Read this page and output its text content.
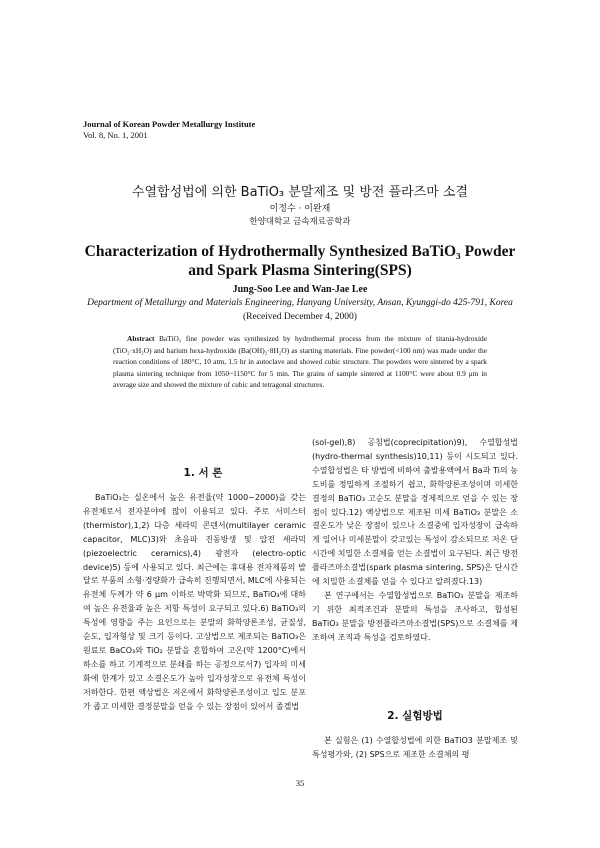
Journal of Korean Powder Metallurgy Institute
Vol. 8, No. 1, 2001
수열합성법에 의한 BaTiO₃ 분말제조 및 방전 플라즈마 소결
이정수 · 이완재
한양대학교 금속재료공학과
Characterization of Hydrothermally Synthesized BaTiO₃ Powder
and Spark Plasma Sintering(SPS)
Jung-Soo Lee and Wan-Jae Lee
Department of Metallurgy and Materials Engineering, Hanyang University, Ansan, Kyunggi-do 425-791, Korea
(Received December 4, 2000)
Abstract BaTiO₃ fine powder was synthesized by hydrothermal process from the mixture of titania-hydroxide (TiO₂·xH₂O) and barium hexa-hydroxide (Ba(OH)₂·8H₂O) as starting materials. Fine powder(<100 nm) was made under the reaction conditions of 180°C, 10 atm, 1.5 hr in autoclave and showed cubic structure. The powders were sintered by a spark plasma sintering technique from 1050~1150°C for 5 min. The grains of sample sintered at 1100°C were about 0.9 μm in average size and showed the mixture of cubic and tetragonal structures.
1. 서 론

BaTiO₃는 실온에서 높은 유전율(약 1000~2000)을 갖는 유전체로서 전자분야에 많이 이용되고 있다. 주로 서미스터(thermistor),1,2) 다층 세라믹 콘덴서(multilayer ceramic capacitor, MLC)3)와 초음파 진동방생 및 압전 세라믹(piezoelectric ceramics),4) 광전자 (electro-optic device)5) 등에 사용되고 있다. 최근에는 휴대용 전자제품의 발달로 부품의 소형·경량화가 급속히 진행되면서, MLC에 사용되는 유전체 두께가 약 6 μm 이하로 박막화 되므로, BaTiO₃에 대하여 높은 유전율과 높은 저항 특성이 요구되고 있다.6) BaTiO₃의 특성에 영향을 주는 요인으로는 분말의 화학양론조성, 균질성, 순도, 입자형상 및 크기 등이다. 고상법으로 제조되는 BaTiO₃은 원료로 BaCO₃와 TiO₂ 분말을 혼합하여 고온(약 1200°C)에서 하소를 하고 기계적으로 분쇄를 하는 공정으로서7) 입자의 미세화에 한계가 있고 소결온도가 높아 입자성장으로 유전체 특성이 저하한다. 한편 액상법은 저온에서 화학양론조성이고 입도 분포가 좁고 미세한 결정분말을 얻을 수 있는 장점이 있어서 졸겔법

(sol-gel),8) 공침법(coprecipitation)9), 수열합성법(hydro-thermal synthesis)10,11) 등이 시도되고 있다. 수열합성법은 타 방법에 비하여 출발용액에서 Ba과 Ti의 농도비를 정밀하게 조절하기 쉽고, 화학양론조성이며 미세한 결정의 BaTiO₃ 고순도 분말을 경제적으로 얻을 수 있는 장점이 있다.12) 액상법으로 제조된 미세 BaTiO₃ 분말은 소결온도가 낮은 장점이 있으나 소결중에 입자성장이 급속하게 일어나 미세분말이 갖고있는 특성이 감소되므로 저온 단시간에 치밀한 소결체를 얻는 소결법이 요구된다. 최근 방전플라즈마소결법(spark plasma sintering, SPS)은 단시간에 치밀한 소결체를 얻을 수 있다고 알려졌다.13)

본 연구에서는 수열합성법으로 BaTiO₃ 분말을 제조하기 위한 최적조건과 분말의 특성을 조사하고, 합성된 BaTiO₃ 분말을 방전플라즈마소결법(SPS)으로 소결체를 제조하여 조직과 특성을 검토하였다.

2. 실험방법

본 실험은 (1) 수열합성법에 의한 BaTiO3 분말제조 및 특성평가와, (2) SPS으로 제조한 소결체의 평

35
